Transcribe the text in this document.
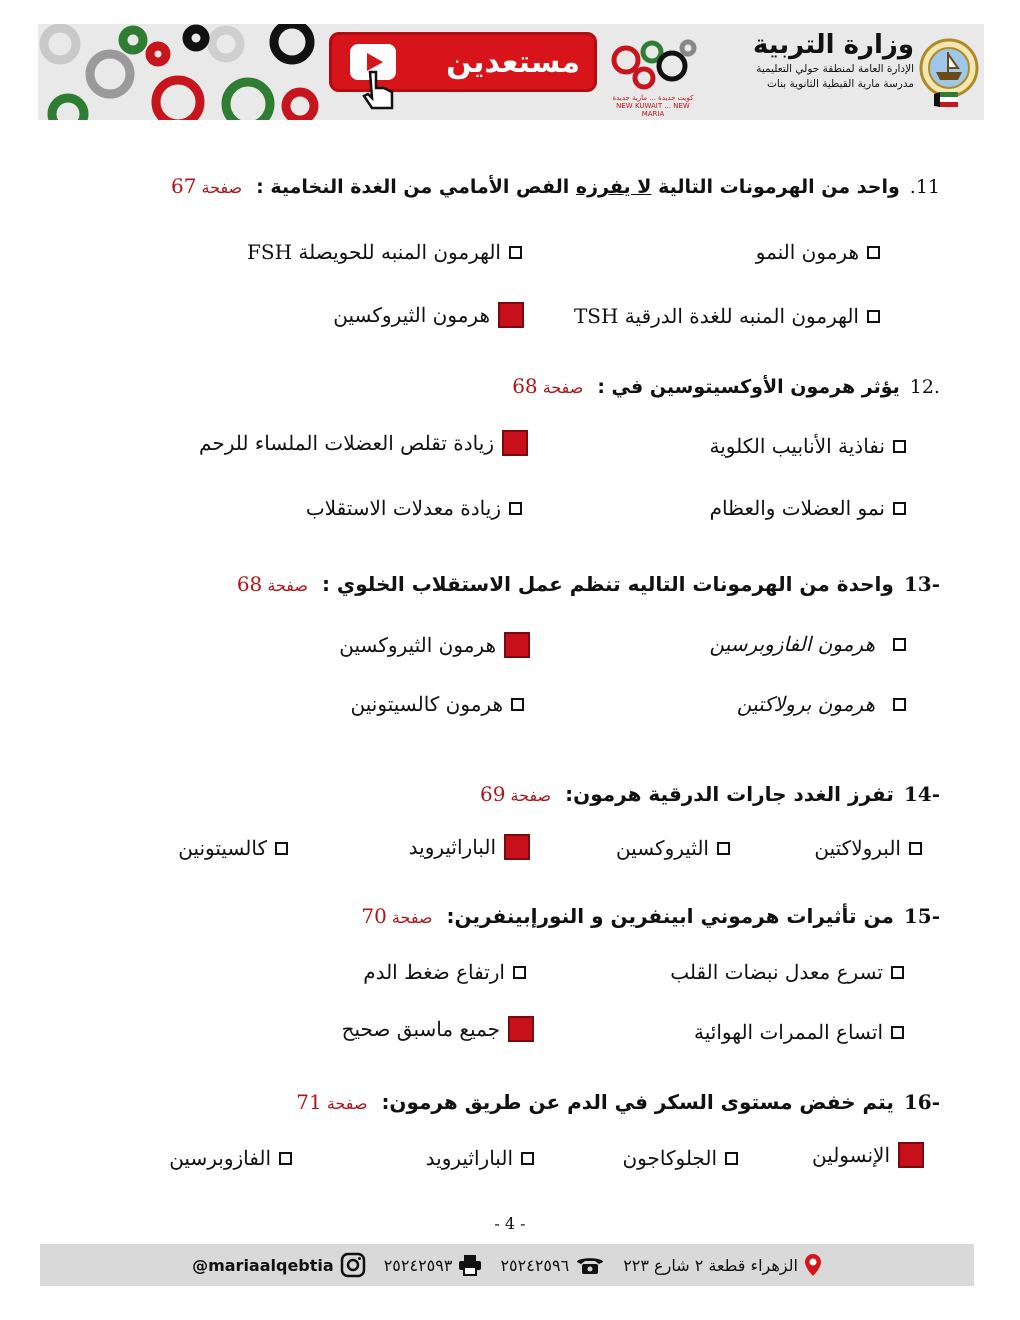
مستعدين
كويت جديدة ... مارية جديدة NEW KUWAIT ... NEW MARIA
وزارة التربية
الإدارة العامة لمنطقة حولي التعليمية
مدرسة مارية القبطية الثانوية بنات
11.واحد من الهرمونات التالية لا يفرزه الفص الأمامي من الغدة النخامية :صفحة 67
هرمون النمو
الهرمون المنبه للحويصلة FSH
الهرمون المنبه للغدة الدرقية TSH
هرمون الثيروكسين
.12يؤثر هرمون الأوكسيتوسين في :صفحة 68
نفاذية الأنابيب الكلوية
زيادة تقلص العضلات الملساء للرحم
نمو العضلات والعظام
زيادة معدلات الاستقلاب
-13واحدة من الهرمونات التاليه تنظم عمل الاستقلاب الخلوي :صفحة 68
هرمون الفازوبرسين
هرمون الثيروكسين
هرمون برولاكتين
هرمون كالسيتونين
-14تفرز الغدد جارات الدرقية هرمون:صفحة 69
البرولاكتين
الثيروكسين
الباراثيرويد
كالسيتونين
-15من تأثيرات هرموني ابينفرين و النورإبينفرين:صفحة 70
تسرع معدل نبضات القلب
ارتفاع ضغط الدم
اتساع الممرات الهوائية
جميع ماسبق صحيح
-16يتم خفض مستوى السكر في الدم عن طريق هرمون:صفحة 71
الإنسولين
الجلوكاجون
الباراثيرويد
الفازوبرسين
- 4 -
الزهراء قطعة ٢ شارع ٢٢٣
٢٥٢٤٢٥٩٦
٢٥٢٤٢٥٩٣
@mariaalqebtia
